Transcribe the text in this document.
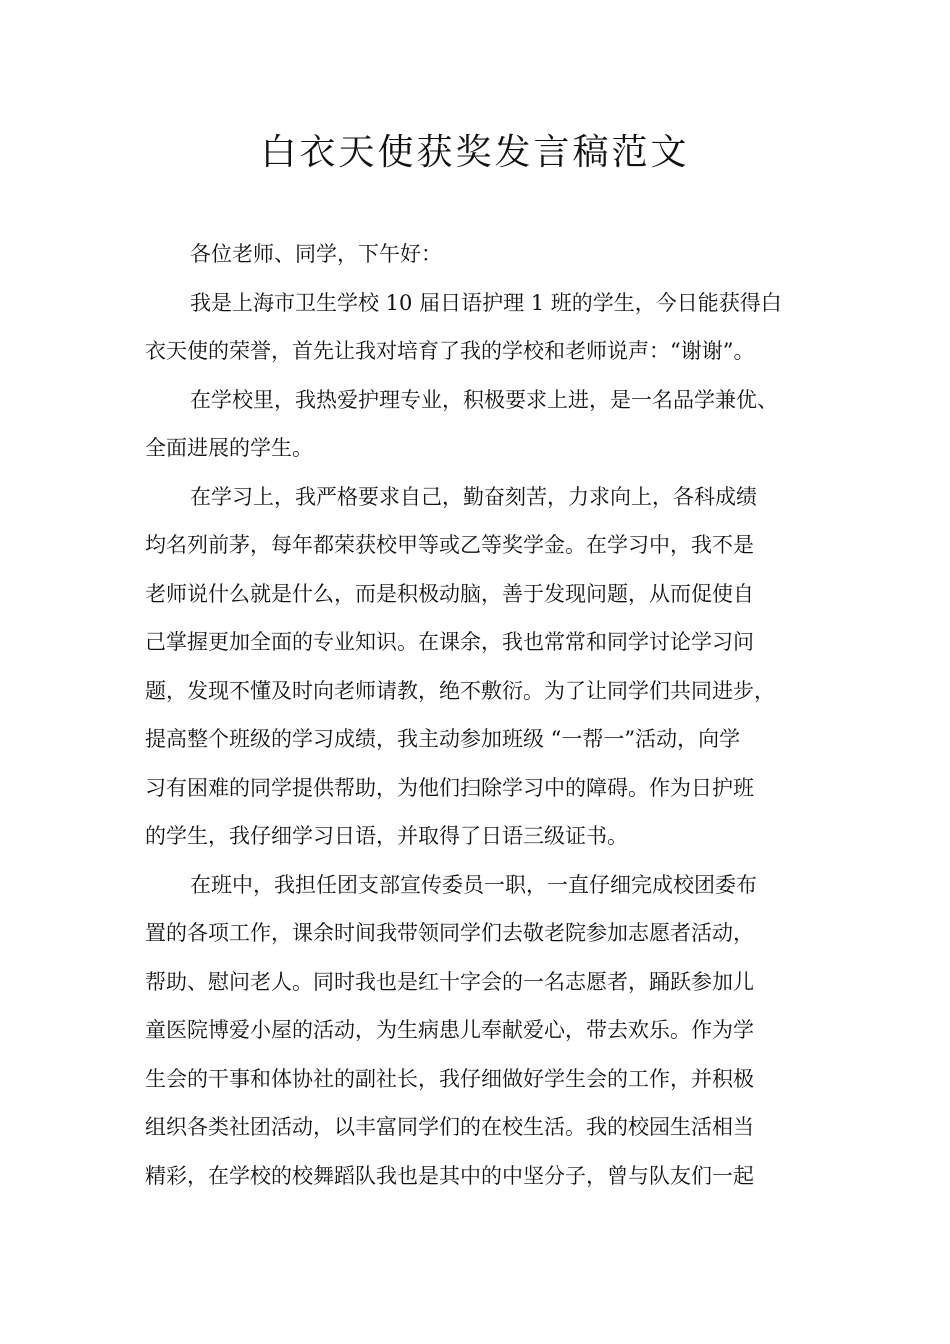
白衣天使获奖发言稿范文
各位老师、同学，下午好：
我是上海市卫生学校 10 届日语护理 1 班的学生，今日能获得白
衣天使的荣誉，首先让我对培育了我的学校和老师说声：“谢谢”。
在学校里，我热爱护理专业，积极要求上进，是一名品学兼优、
全面进展的学生。
在学习上，我严格要求自己，勤奋刻苦，力求向上，各科成绩
均名列前茅，每年都荣获校甲等或乙等奖学金。在学习中，我不是
老师说什么就是什么，而是积极动脑，善于发现问题，从而促使自
己掌握更加全面的专业知识。在课余，我也常常和同学讨论学习问
题，发现不懂及时向老师请教，绝不敷衍。为了让同学们共同进步，
提高整个班级的学习成绩，我主动参加班级 “一帮一”活动，向学
习有困难的同学提供帮助，为他们扫除学习中的障碍。作为日护班
的学生，我仔细学习日语，并取得了日语三级证书。
在班中，我担任团支部宣传委员一职，一直仔细完成校团委布
置的各项工作，课余时间我带领同学们去敬老院参加志愿者活动，
帮助、慰问老人。同时我也是红十字会的一名志愿者，踊跃参加儿
童医院博爱小屋的活动，为生病患儿奉献爱心，带去欢乐。作为学
生会的干事和体协社的副社长，我仔细做好学生会的工作，并积极
组织各类社团活动，以丰富同学们的在校生活。我的校园生活相当
精彩，在学校的校舞蹈队我也是其中的中坚分子，曾与队友们一起
